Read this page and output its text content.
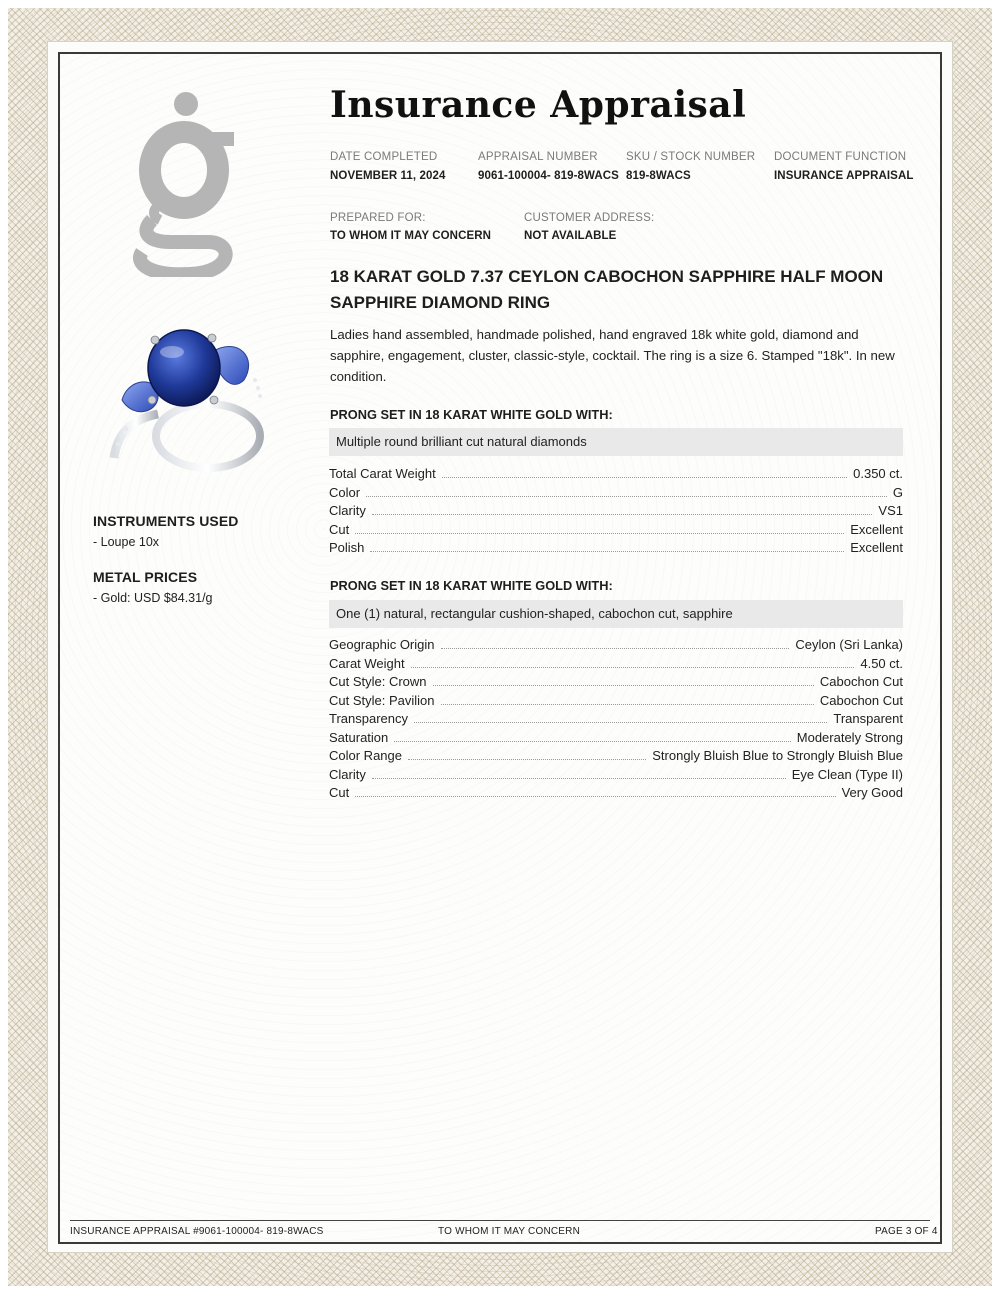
INSTRUMENTS USED
- Loupe 10x
METAL PRICES
- Gold: USD $84.31/g
Insurance Appraisal
DATE COMPLETED
NOVEMBER 11, 2024
APPRAISAL NUMBER
9061-100004- 819-8WACS
SKU / STOCK NUMBER
819-8WACS
DOCUMENT FUNCTION
INSURANCE APPRAISAL
PREPARED FOR:
TO WHOM IT MAY CONCERN
CUSTOMER ADDRESS:
NOT AVAILABLE
18 KARAT GOLD 7.37 CEYLON CABOCHON SAPPHIRE HALF MOON SAPPHIRE DIAMOND RING
Ladies hand assembled, handmade polished, hand engraved 18k white gold, diamond and sapphire, engagement, cluster, classic-style, cocktail. The ring is a size 6. Stamped "18k". In new condition.
PRONG SET IN 18 KARAT WHITE GOLD WITH:
Multiple round brilliant cut natural diamonds
Total Carat Weight	0.350 ct.
Color	G
Clarity	VS1
Cut	Excellent
Polish	Excellent
PRONG SET IN 18 KARAT WHITE GOLD WITH:
One (1) natural, rectangular cushion-shaped, cabochon cut, sapphire
Geographic Origin	Ceylon (Sri Lanka)
Carat Weight	4.50 ct.
Cut Style: Crown	Cabochon Cut
Cut Style: Pavilion	Cabochon Cut
Transparency	Transparent
Saturation	Moderately Strong
Color Range	Strongly Bluish Blue to Strongly Bluish Blue
Clarity	Eye Clean (Type II)
Cut	Very Good
INSURANCE APPRAISAL #9061-100004- 819-8WACS	TO WHOM IT MAY CONCERN	PAGE 3 OF 4
